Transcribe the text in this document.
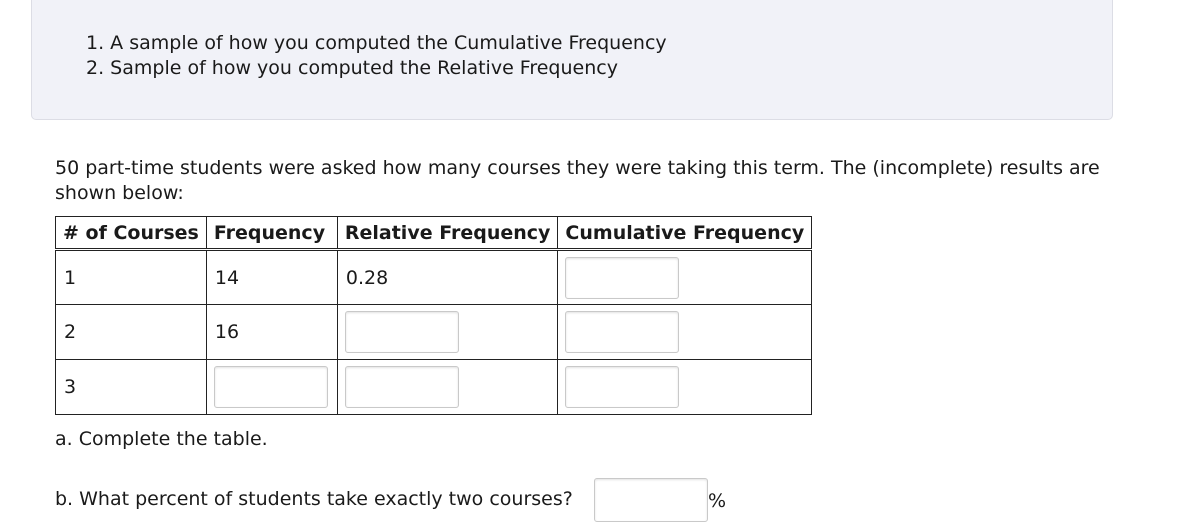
1. A sample of how you computed the Cumulative Frequency
2. Sample of how you computed the Relative Frequency
50 part-time students were asked how many courses they were taking this term. The (incomplete) results are shown below:
# of Courses	Frequency	Relative Frequency	Cumulative Frequency
1	14	0.28	

2	16	

3	

a. Complete the table.
b. What percent of students take exactly two courses?	%
